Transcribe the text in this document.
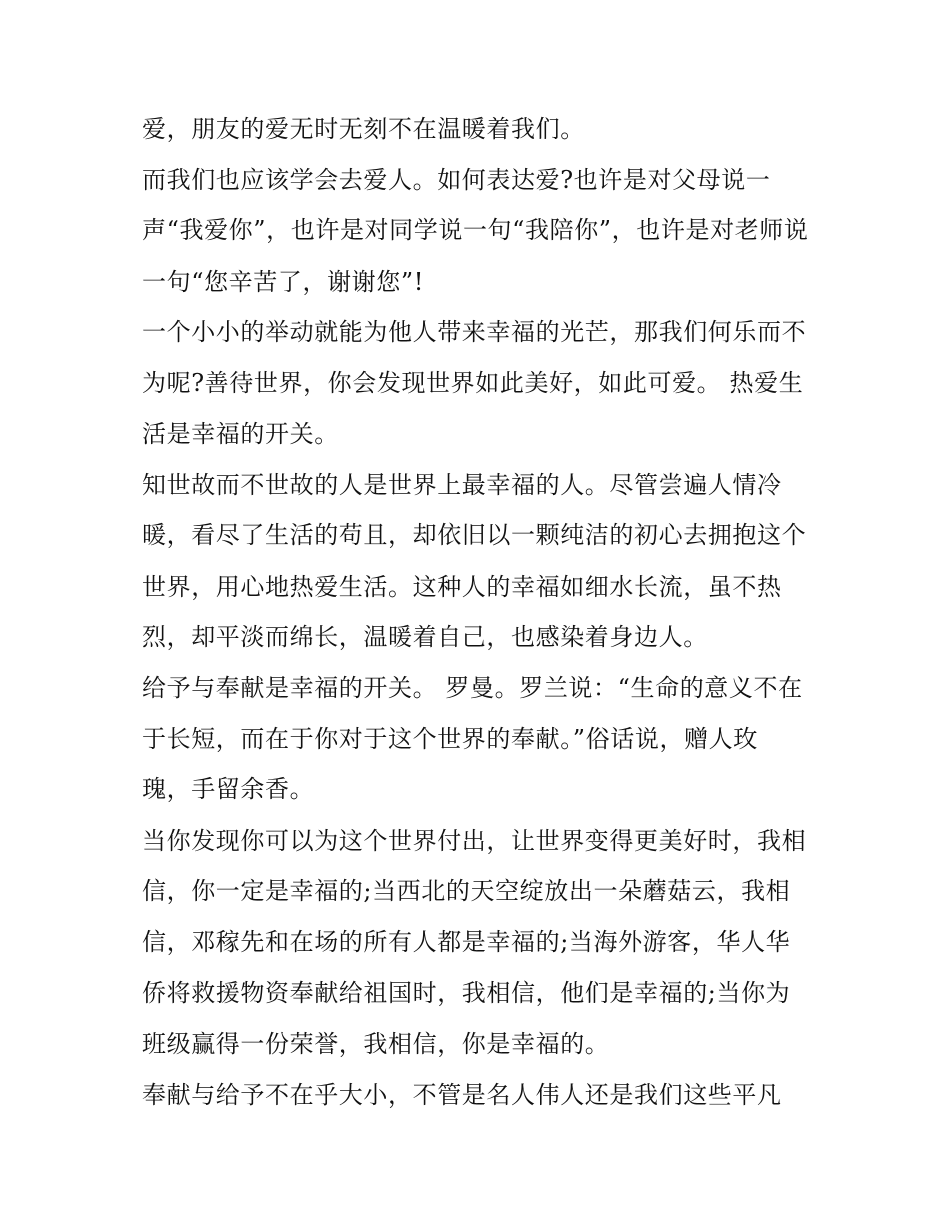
爱，朋友的爱无时无刻不在温暖着我们。
而我们也应该学会去爱人。如何表达爱?也许是对父母说一
声“我爱你”，也许是对同学说一句“我陪你”，也许是对老师说
一句“您辛苦了，谢谢您”!
一个小小的举动就能为他人带来幸福的光芒，那我们何乐而不
为呢?善待世界，你会发现世界如此美好，如此可爱。 热爱生
活是幸福的开关。
知世故而不世故的人是世界上最幸福的人。尽管尝遍人情冷
暖，看尽了生活的苟且，却依旧以一颗纯洁的初心去拥抱这个
世界，用心地热爱生活。这种人的幸福如细水长流，虽不热
烈，却平淡而绵长，温暖着自己，也感染着身边人。
给予与奉献是幸福的开关。 罗曼。罗兰说：“生命的意义不在
于长短，而在于你对于这个世界的奉献。”俗话说，赠人玫
瑰，手留余香。
当你发现你可以为这个世界付出，让世界变得更美好时，我相
信，你一定是幸福的;当西北的天空绽放出一朵蘑菇云，我相
信，邓稼先和在场的所有人都是幸福的;当海外游客，华人华
侨将救援物资奉献给祖国时，我相信，他们是幸福的;当你为
班级赢得一份荣誉，我相信，你是幸福的。
奉献与给予不在乎大小，不管是名人伟人还是我们这些平凡
